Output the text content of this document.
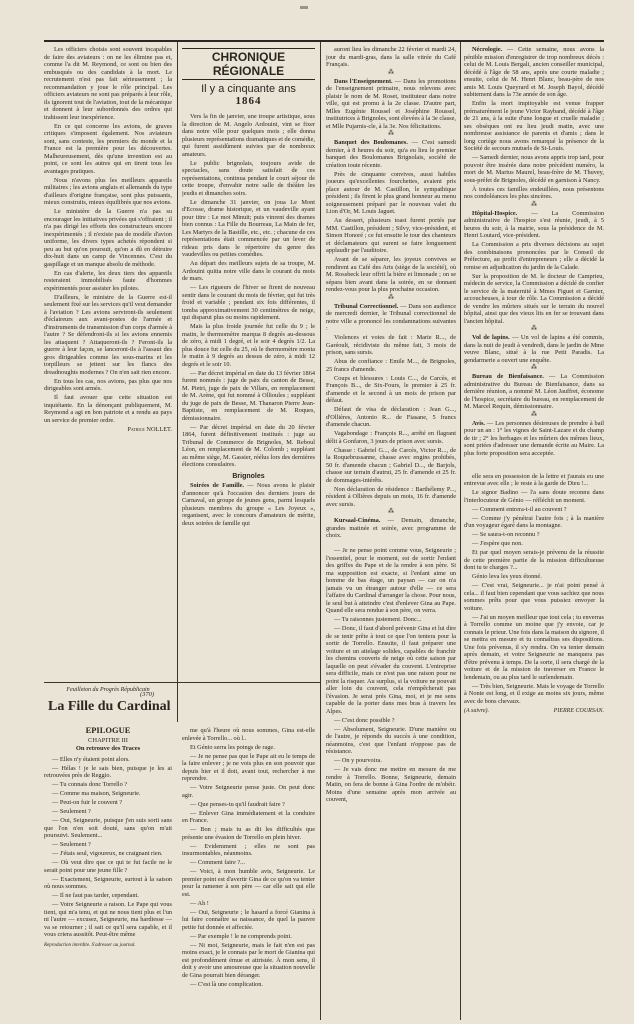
Les officiers choisis sont souvent incapables de faire des aviateurs : on ne les élimine pas et, comme l'a dit M. Reymond, ce sont ou bien des embusqués ou des candidats à la mort. Le recrutement n'est pas fait sérieusement ; la recommandation y joue le rôle principal. Les officiers aviateurs ne sont pas préparés à leur rôle, ils ignorent tout de l'aviation, tout de la mécanique et donnent à leur subordonnés des ordres qui trahissent leur inexpérience.

En ce qui concerne les avions, de graves critiques s'imposent également. Nos aviateurs sont, sans conteste, les premiers du monde et la France est la première pour les découvertes. Malheureusement, dès qu'une invention est au point, ce sont les autres qui en tirent tous les avantages pratiques.

Nous n'avons plus les meilleurs appareils militaires ; les avions anglais et allemands du type d'ailleurs d'origine française, sont plus puissants, mieux construits, mieux équilibrés que nos avions.

Le ministère de la Guerre n'a pas su encourager les initiatives privées qui s'offraient ; il n'a pas dirigé les efforts des constructeurs encore inexpérimentés ; il n'existe pas de modèle d'avion uniforme, les divers types achetés répondent si peu au but qu'on poursuit, qu'on a dû en détruire dix-huit dans un camp de Vincennes. C'est du gaspillage et un manque absolu de méthode.

En cas d'alerte, les deux tiers des appareils resteraient immobilisés faute d'hommes expérimentés pour assister les pilotes.

D'ailleurs, le ministre de la Guerre est-il seulement fixé sur les services qu'il veut demander à l'aviation ? Les avions serviront-ils seulement d'éclaireurs aux avant-postes de l'armée et d'instruments de transmission d'un corps d'armée à l'autre ? Se défendront-ils si les avions ennemis les attaquent ? Attaqueront-ils ? Feront-ils la guerre à leur façon, se lanceront-ils à l'assaut des gros dirigeables comme les sous-marins et les torpilleurs se jettent sur les flancs des dreadnoughts modernes ? On n'en sait rien encore.

En tous les cas, nos avions, pas plus que nos dirigeables sont armés.

Il faut avouer que cette situation est inquiétante. En la dénonçant publiquement, M. Reymond a agi en bon patriote et a rendu au pays un service de premier ordre.

Patrice NOLLET.
CHRONIQUE RÉGIONALE
Il y a cinquante ans
1864

Vers la fin de janvier, une troupe artistique, sous la direction de M. Angelo Ardouini, vint se fixer dans notre ville pour quelques mois ; elle donna plusieurs représentations dramatiques et de comédie, qui furent assidûment suivies par de nombreux amateurs.

Le public brignolais, toujours avide de spectacles, sans doute satisfait de ces représentations, continua pendant le court séjour de cette troupe, d'envahir notre salle de théâtre les jeudis et dimanches soirs.

Le dimanche 31 janvier, on joua Le Mont d'Ecosse, drame historique, et un vaudeville ayant pour titre : Le mot Minuit; puis vinrent des drames bien connus : La Fille du Bourreau, La Main de fer, Les Martyrs de la Bastille, etc., etc. ; chacune de ces représentations était commencée par un lever de rideau pris dans le répertoire du genre des vaudevilles ou petites comédies.

Au départ des meilleurs sujets de sa troupe, M. Ardouini quitta notre ville dans le courant du mois de mars.

— Les rigueurs de l'hiver se firent de nouveau sentir dans le courant du mois de février, qui fut très froid et variable ; pendant six fois différentes, il tomba approximativement 30 centimètres de neige, qui disparut plus ou moins rapidement.

Mais la plus froide journée fut celle du 9 ; le matin, le thermomètre marqua 8 degrés au-dessous de zéro, à midi 1 degré, et le soir 4 degrés 1/2. La plus douce fut celle du 25, où le thermomètre monta le matin à 9 degrés au dessus de zéro, à midi 12 degrés et le soir 10.

— Par décret impérial en date du 13 février 1864 furent nommés : juge de paix du canton de Besse, M. Pietri, juge de paix de Villars, en remplacement de M. Arène, qui fut nommé à Ollioules ; suppléant du juge de paix de Besse, M. Thanaron Pierre Jean-Baptiste, en remplacement de M. Roques, démissionnaire.

— Par décret impérial en date du 20 février 1864, furent définitivement institués : juge au Tribunal de Commerce de Brignoles, M. Reboul Léon, en remplacement de M. Colomb ; suppléant au même siège, M. Gassier, réélus lors des dernières élections consulaires.

Brignoles

Soirées de Famille. — Nous avons le plaisir d'annoncer qu'à l'occasion des derniers jours de Carnaval, un groupe de jeunes gens, parmi lesquels plusieurs membres du groupe « Les Joyeux », organisent, avec le concours d'amateurs de mérite, deux soirées de famille qui

auront lieu les dimanche 22 février et mardi 24, jour du mardi-gras, dans la salle vitrée du Café Français.

⁂

Dans l'Enseignement. — Dans les promotions de l'enseignement primaire, nous relevons avec plaisir le nom de M. Roset, instituteur dans notre ville, qui est promu à la 2e classe. D'autre part, Mlles Eugénie Roussel et Joséphine Roussel, institutrices à Brignoles, sont élevées à la 3e classe, et Mlle Pujarnis-cle, à la 3e. Nos félicitations.

⁂

Banquet des Boulomanes. — C'est samedi dernier, à 8 heures du soir, qu'a eu lieu le premier banquet des Boulomanes Brignolais, société de création toute récente.

Près de cinquante convives, aussi habiles joueurs qu'excellentes fourchettes, avaient pris place autour de M. Castillon, le sympathique président ; ils firent le plus grand honneur au menu soigneusement préparé par le nouveau valet du Lion d'Or, M. Louis Jaguet.

Au dessert, plusieurs toast furent portés par MM. Castillon, président ; Silvy, vice-président, et Simon Honoré ; ce fut ensuite le tour des chanteurs et déclamateurs qui surent se faire longuement applaudir par l'auditoire.

Avant de se séparer, les joyeux convives se rendirent au Café des Arts (siège de la société), où M. Rossbeck leur offrit la bière et limonade ; on se sépara bien avant dans la soirée, en se donnant rendez-vous pour la plus prochaine occasion.

⁂

Tribunal Correctionnel. — Dans son audience de mercredi dernier, le Tribunal correctionnel de notre ville a prononcé les condamnations suivantes :

Violences et voies de fait : Marie R..., de Garéoult, récidiviste du même fait, 3 mois de prison, sans sursis.

Abus de confiance : Emile M..., de Brignoles, 25 francs d'amende.

Coups et blessures : Louis C..., de Carcès, et François B..., de Six-Fours, le premier à 25 fr. d'amende et le second à un mois de prison par défaut.

Défaut de visa de déclaration : Jean G..., d'Ollières, Antonio R... de Fiasane, 5 francs d'amende chacun.

Vagabondage : François R..., arrêté en flagrant délit à Gonfaron, 3 jours de prison avec sursis.

Chasse : Gabriel G..., de Carcès, Victor R..., de la Roquebrussanne, chasse avec engins prohibés, 50 fr. d'amende chacun ; Gabriel D..., de Barjols, chasse sur terrain d'autrui, 25 fr. d'amende et 25 fr. de dommages-intérêts.

Non déclaration de résidence : Barthélemy P..., résident à Ollières depuis un mois, 16 fr. d'amende avec sursis.

⁂

Kursaal-Cinéma. — Demain, dimanche, grandes matinée et soirée, avec programme de choix.

— Je ne pense point comme vous, Seigneurie ; l'essentiel, pour le moment, est de sortir l'enfant des griffes du Pape et de la rendre à son père. Si ma supposition est exacte, si l'enfant aime un homme de bas étage, un paysan — car on n'a jamais vu un étranger autour d'elle — ce sera l'affaire du Cardinal d'arranger la chose. Pour nous, le seul but à atteindre c'est d'enlever Gina au Pape. Quand elle sera rendue à son père, on verra.

— Tu raisonnes justement. Donc...

— Donc, il faut d'abord prévenir Gina et lui dire de se tenir prête à tout ce que l'on tentera pour la sortir de Torrello. Ensuite, il faut préparer une voiture et un attelage solides, capables de franchir les chemins couverts de neige où cette saison par laquelle on peut s'évader du couvent. L'entreprise sera difficile, mais ce n'est pas une raison pour ne point la risquer. Au surplus, si la voiture ne pouvait aller loin du couvent, cela n'empêcherait pas l'évasion. Je serai près Gina, moi, et je me sens capable de la porter dans mes bras à travers les Alpes.

— C'est donc possible ?

— Absolument, Seigneurie. D'une manière ou de l'autre, je réponds du succès à une condition, néanmoins, c'est que l'enfant n'oppose pas de résistance.

— On y pourvoira.

— Je vais donc me mettre en mesure de me rendre à Torrello. Bonne, Seigneurie, demain Matin, on fera de bonne à Gina l'ordre de m'obéir. Moins d'une semaine après mon arrivée au couvent,

Nécrologie. — Cette semaine, nous avons la pénible mission d'enregistrer de trop nombreux décès : celui de M. Louis Bergali, ancien conseiller municipal, décédé à l'âge de 58 ans, après une courte maladie ; ensuite, celui de M. Henri Blanc, beau-père de nos amis M. Louis Queyrard et M. Joseph Bayol, décédé subitement dans la 73e année de son âge.

Enfin la mort impitoyable est venue frapper prématurément le jeune Victor Rayband, décédé à l'âge de 21 ans, à la suite d'une longue et cruelle maladie ; ses obsèques ont eu lieu jeudi matin, avec une nombreuse assistance de parents et d'amis ; dans le long cortège nous avons remarqué la présence de la Société de secours mutuels de St-Louis.

— Samedi dernier, nous avons appris trop tard, pour pouvoir être insérée dans notre précédent numéro, la mort de M. Marius Maurel, beau-frère de M. Thuvey, sous-préfet de Brignoles, décédé en garnison à Nancy.

À toutes ces familles endeuillées, nous présentons nos condoléances les plus sincères.

⁂

Hôpital-Hospice. — La Commission administrative de l'hospice s'est réunie, jeudi, à 5 heures du soir, à la mairie, sous la présidence de M. Henri Loutard, vice-président.

La Commission a pris diverses décisions au sujet des combinaisons prononcées par le Conseil de Préfecture, au profit d'entrepreneurs ; elle a décidé la remise en adjudication du jardin de la Calade.

Sur la proposition de M. le docteur de Camprieu, médecin de service, la Commission a décidé de confier le service de la maternité à Mmes Figuet et Garnier, accoucheuses, à tour de rôle. La Commission a décidé de vendre les mûriers situés sur le terrain du nouvel hôpital, ainsi que des vieux lits en fer se trouvant dans l'ancien hôpital.

⁂

Vol de lapins. — Un vol de lapins a été commis, dans la nuit de jeudi à vendredi, dans le jardin de Mme veuve Blanc, situé à la rue Petit Paradis. La gendarmerie a ouvert une enquête.

⁂

Bureau de Bienfaisance. — La Commission administrative du Bureau de Bienfaisance, dans sa dernière réunion, a nommé M. Léon Jauffret, économe de l'hospice, secrétaire du bureau, en remplacement de M. Marcel Requin, démissionnaire.

⁂

Avis. — Les personnes désireuses de prendre à bail pour un an : 1° les vignes de Saint-Lazare et du champ de tir ; 2° les herbages et les mûriers des mêmes lieux, sont priées d'adresser une demande écrite au Maire. La plus forte proposition sera acceptée.

elle sera en possession de la lettre et j'aurais eu une entrevue avec elle ; le reste à la garde de Dieu !...

Le signor Badino — l'a sans doute reconnu dans l'interlocuteur de Génio — réfléchit un moment.

— Comment entrera-t-il au couvent ?

— Comme j'y pénétrai l'autre fois ; à la manière d'un voyageur égaré dans la montagne.

— Se saura-t-on reconnu ?

— J'espère que non.

Et par quel moyen serais-je prévenu de la réussite de cette première partie de la mission difficultueuse dont tu te charges ?...

Génio leva les yeux étonné.

— C'est vrai, Seigneurie... je n'ai point pensé à cela... il faut bien cependant que vous sachiez que nous sommes prêts pour que vous puissiez envoyer la voiture.

— J'ai un moyen meilleur que tout cela ; tu enverras à Torrello comme un moine que j'y envoie, car je connais le prieur. Une fois dans la maison du signore, il se mettra en mesure et tu connaîtras ses dispositions. Une fois prévenus, il s'y rendra. On va tenter demain après demain, et votre Seigneurie ne manquera pas d'être prévenu à temps. De la sorte, il sera chargé de la voiture et de la mission de traverser en France le lendemain, ou au plus tard le surlendemain.

— Très bien, Seigneurie. Mais le voyage de Torrello à Nonte est long, et il exige au moins six jours, même avec de bons chevaux.

(A suivre).	PIERRE COURSAN.
Feuilleton du Progrès Républicain
La Fille du Cardinal
(370)
EPILOGUE
CHAPITRE III
On retrouve des Traces

— Elles n'y étaient point alors.

— Hélas ! je le sais bien, puisque je les ai retrouvées près de Reggio.

— Tu connais donc Torrello ?

— Comme ma maison, Seigneurie.

— Peut-on fuir le couvent ?

— Seulement ?

— Oui, Seigneurie, puisque j'en suis sorti sans que l'on n'en soit douté, sans qu'on m'ait poursuivi. Seulement...

— Seulement ?

— J'étais seul, vigoureux, ne craignant rien.

— Où veut dire que ce qui te fut facile ne le serait point pour une jeune fille ?

— Exactement, Seigneurie, surtout à la saison où nous sommes.

— Il ne faut pas tarder, cependant.

— Votre Seigneurie a raison. Le Pape qui vous tient, qui m'a tenu, et qui ne nous tient plus et l'un ni l'autre — excusez, Seigneurie, ma hardiesse — va se retourner ; il sait ce qu'il sera capable, et il vous criera aussitôt. Peut-être même

Reproduction interdite. S'adresser au journal.

me qu'à l'heure où nous sommes, Gina est-elle enlevée à Torrello... où l..

Et Génio serra les poings de rage.

— Je ne pense pas que le Pape ait eu le temps de la faire enlever ; je ne vois plus en son pouvoir que depuis hier et il doit, avant tout, rechercher à me reprendre.

— Votre Seigneurie pense juste. On peut donc agir.

— Que penses-tu qu'il faudrait faire ?

— Enlever Gina immédiatement et la conduire en France.

— Bon ; mais tu as dit les difficultés que présente une évasion de Torrello en plein hiver.

— Evidemment ; elles ne sont pas insurmontables, néanmoins.

— Comment faire ?...

— Voici, à mon humble avis, Seigneurie. Le premier point est d'avertir Gina de ce qu'on va tenter pour la ramener à son père — car elle sait qui elle est.

— Ah !

— Oui, Seigneurie ; le hasard a forcé Gianina à lui faire connaître sa naissance, de quel la pauvre petite fut donnée et affectée.

— Par exemple ! le ne comprends point.

— Ni moi, Seigneurie, mais le fait n'en est pas moins exact, je le connais par le mort de Gianina qui est profondément émue et attristée. À mon sens, il doit y avoir une amoureuse que la situation nouvelle de Gina pourrait bien déranger.

— C'est là une complication.
